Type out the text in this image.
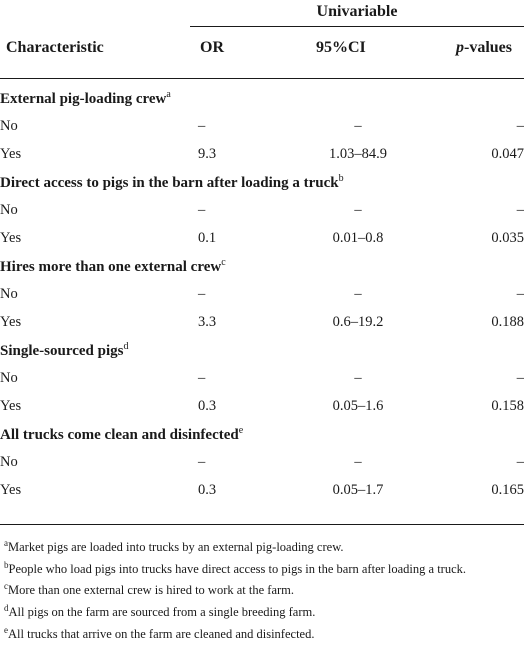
Univariable
Characteristic	OR	95%CI	p-values
External pig-loading crew$^a$
No	–	–	–
Yes	9.3	1.03–84.9	0.047
Direct access to pigs in the barn after loading a truck$^b$
No	–	–	–
Yes	0.1	0.01–0.8	0.035
Hires more than one external crew$^c$
No	–	–	–
Yes	3.3	0.6–19.2	0.188
Single-sourced pigs$^d$
No	–	–	–
Yes	0.3	0.05–1.6	0.158
All trucks come clean and disinfected$^e$
No	–	–	–
Yes	0.3	0.05–1.7	0.165

$^a$Market pigs are loaded into trucks by an external pig-loading crew.

$^b$People who load pigs into trucks have direct access to pigs in the barn after loading a truck.

$^c$More than one external crew is hired to work at the farm.

$^d$All pigs on the farm are sourced from a single breeding farm.

$^e$All trucks that arrive on the farm are cleaned and disinfected.
